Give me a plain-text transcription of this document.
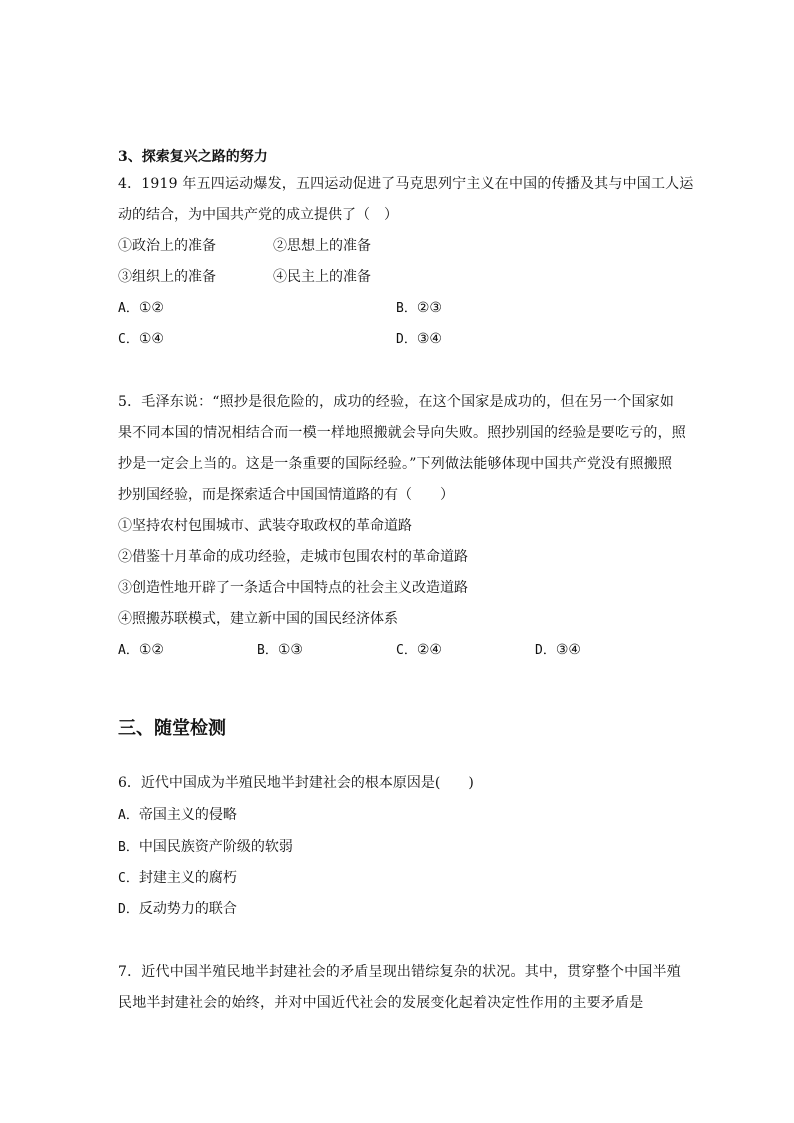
3、探索复兴之路的努力
4．1919 年五四运动爆发，五四运动促进了马克思列宁主义在中国的传播及其与中国工人运
动的结合，为中国共产党的成立提供了（　）
①政治上的准备	②思想上的准备
③组织上的准备	④民主上的准备
A．①②	B．②③
C．①④	D．③④
5．毛泽东说：“照抄是很危险的，成功的经验，在这个国家是成功的，但在另一个国家如
果不同本国的情况相结合而一模一样地照搬就会导向失败。照抄别国的经验是要吃亏的，照
抄是一定会上当的。这是一条重要的国际经验。”下列做法能够体现中国共产党没有照搬照
抄别国经验，而是探索适合中国国情道路的有（　　）
①坚持农村包围城市、武装夺取政权的革命道路
②借鉴十月革命的成功经验，走城市包围农村的革命道路
③创造性地开辟了一条适合中国特点的社会主义改造道路
④照搬苏联模式，建立新中国的国民经济体系
A．①②	B．①③	C．②④	D．③④
三、随堂检测
6．近代中国成为半殖民地半封建社会的根本原因是(　　)
A．帝国主义的侵略
B．中国民族资产阶级的软弱
C．封建主义的腐朽
D．反动势力的联合
7．近代中国半殖民地半封建社会的矛盾呈现出错综复杂的状况。其中，贯穿整个中国半殖
民地半封建社会的始终，并对中国近代社会的发展变化起着决定性作用的主要矛盾是
